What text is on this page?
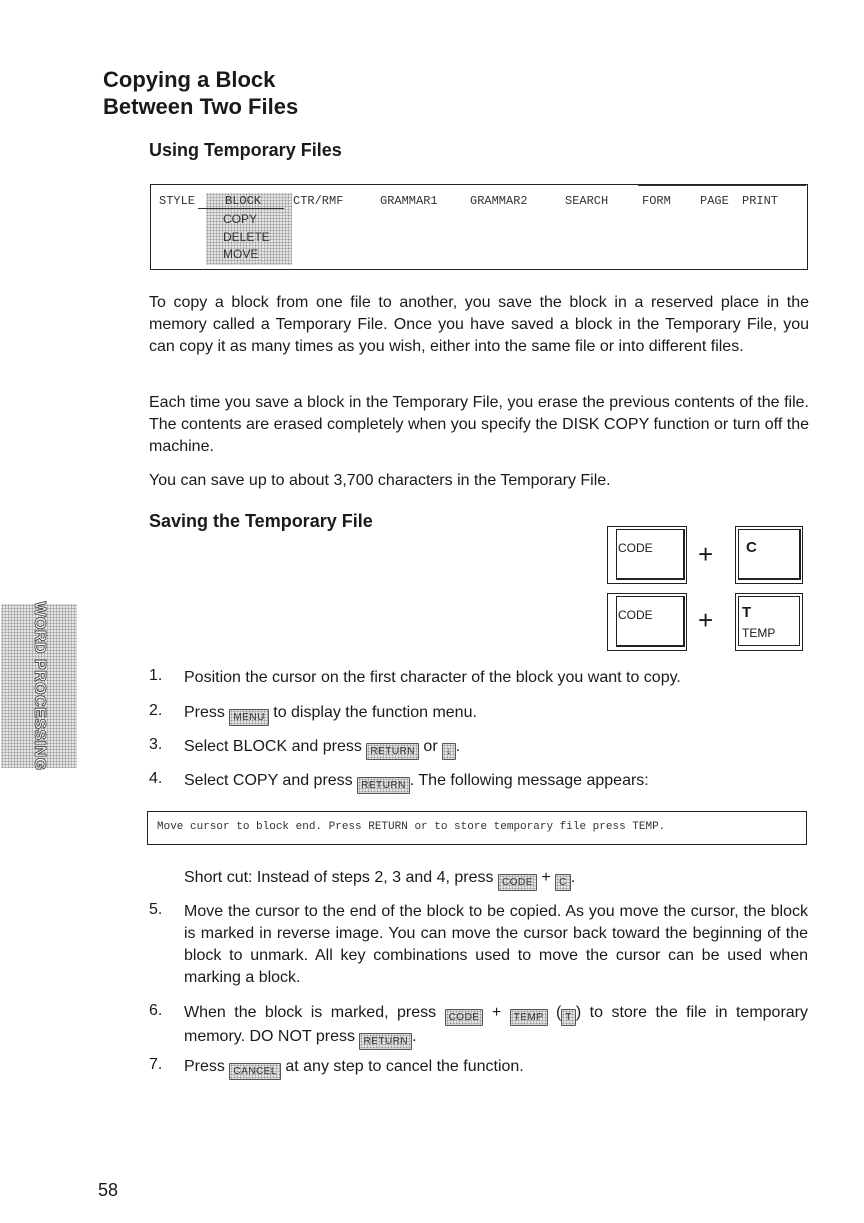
Copying a Block
Between Two Files
Using Temporary Files
COPY
DELETE
MOVE
STYLE BLOCK	CTR/RMF	GRAMMAR1	GRAMMAR2	SEARCH	FORM PAGE PRINT

To copy a block from one file to another, you save the block in a reserved place in the memory called a Temporary File. Once you have saved a block in the Temporary File, you can copy it as many times as you wish, either into the same file or into different files.

Each time you save a block in the Temporary File, you erase the previous contents of the file. The contents are erased completely when you specify the DISK COPY function or turn off the machine.

You can save up to about 3,700 characters in the Temporary File.

Saving the Temporary File
CODE + C
CODE + T
TEMP
1. Position the cursor on the first character of the block you want to copy.

2. Press MENU to display the function menu.

3. Select BLOCK and press RETURN or ↓ .

4. Select COPY and press RETURN . The following message appears:

Move cursor to block end. Press RETURN or to store temporary file press TEMP.

Short cut: Instead of steps 2, 3 and 4, press CODE + C .

5. Move the cursor to the end of the block to be copied. As you move the cursor, the block is marked in reverse image. You can move the cursor back toward the beginning of the block to unmark. All key combinations used to move the cursor can be used when marking a block.

6. When the block is marked, press CODE + TEMP ( T ) to store the file in temporary memory. DO NOT press RETURN .

7. Press CANCEL at any step to cancel the function.

WORD PROCESSING
58
